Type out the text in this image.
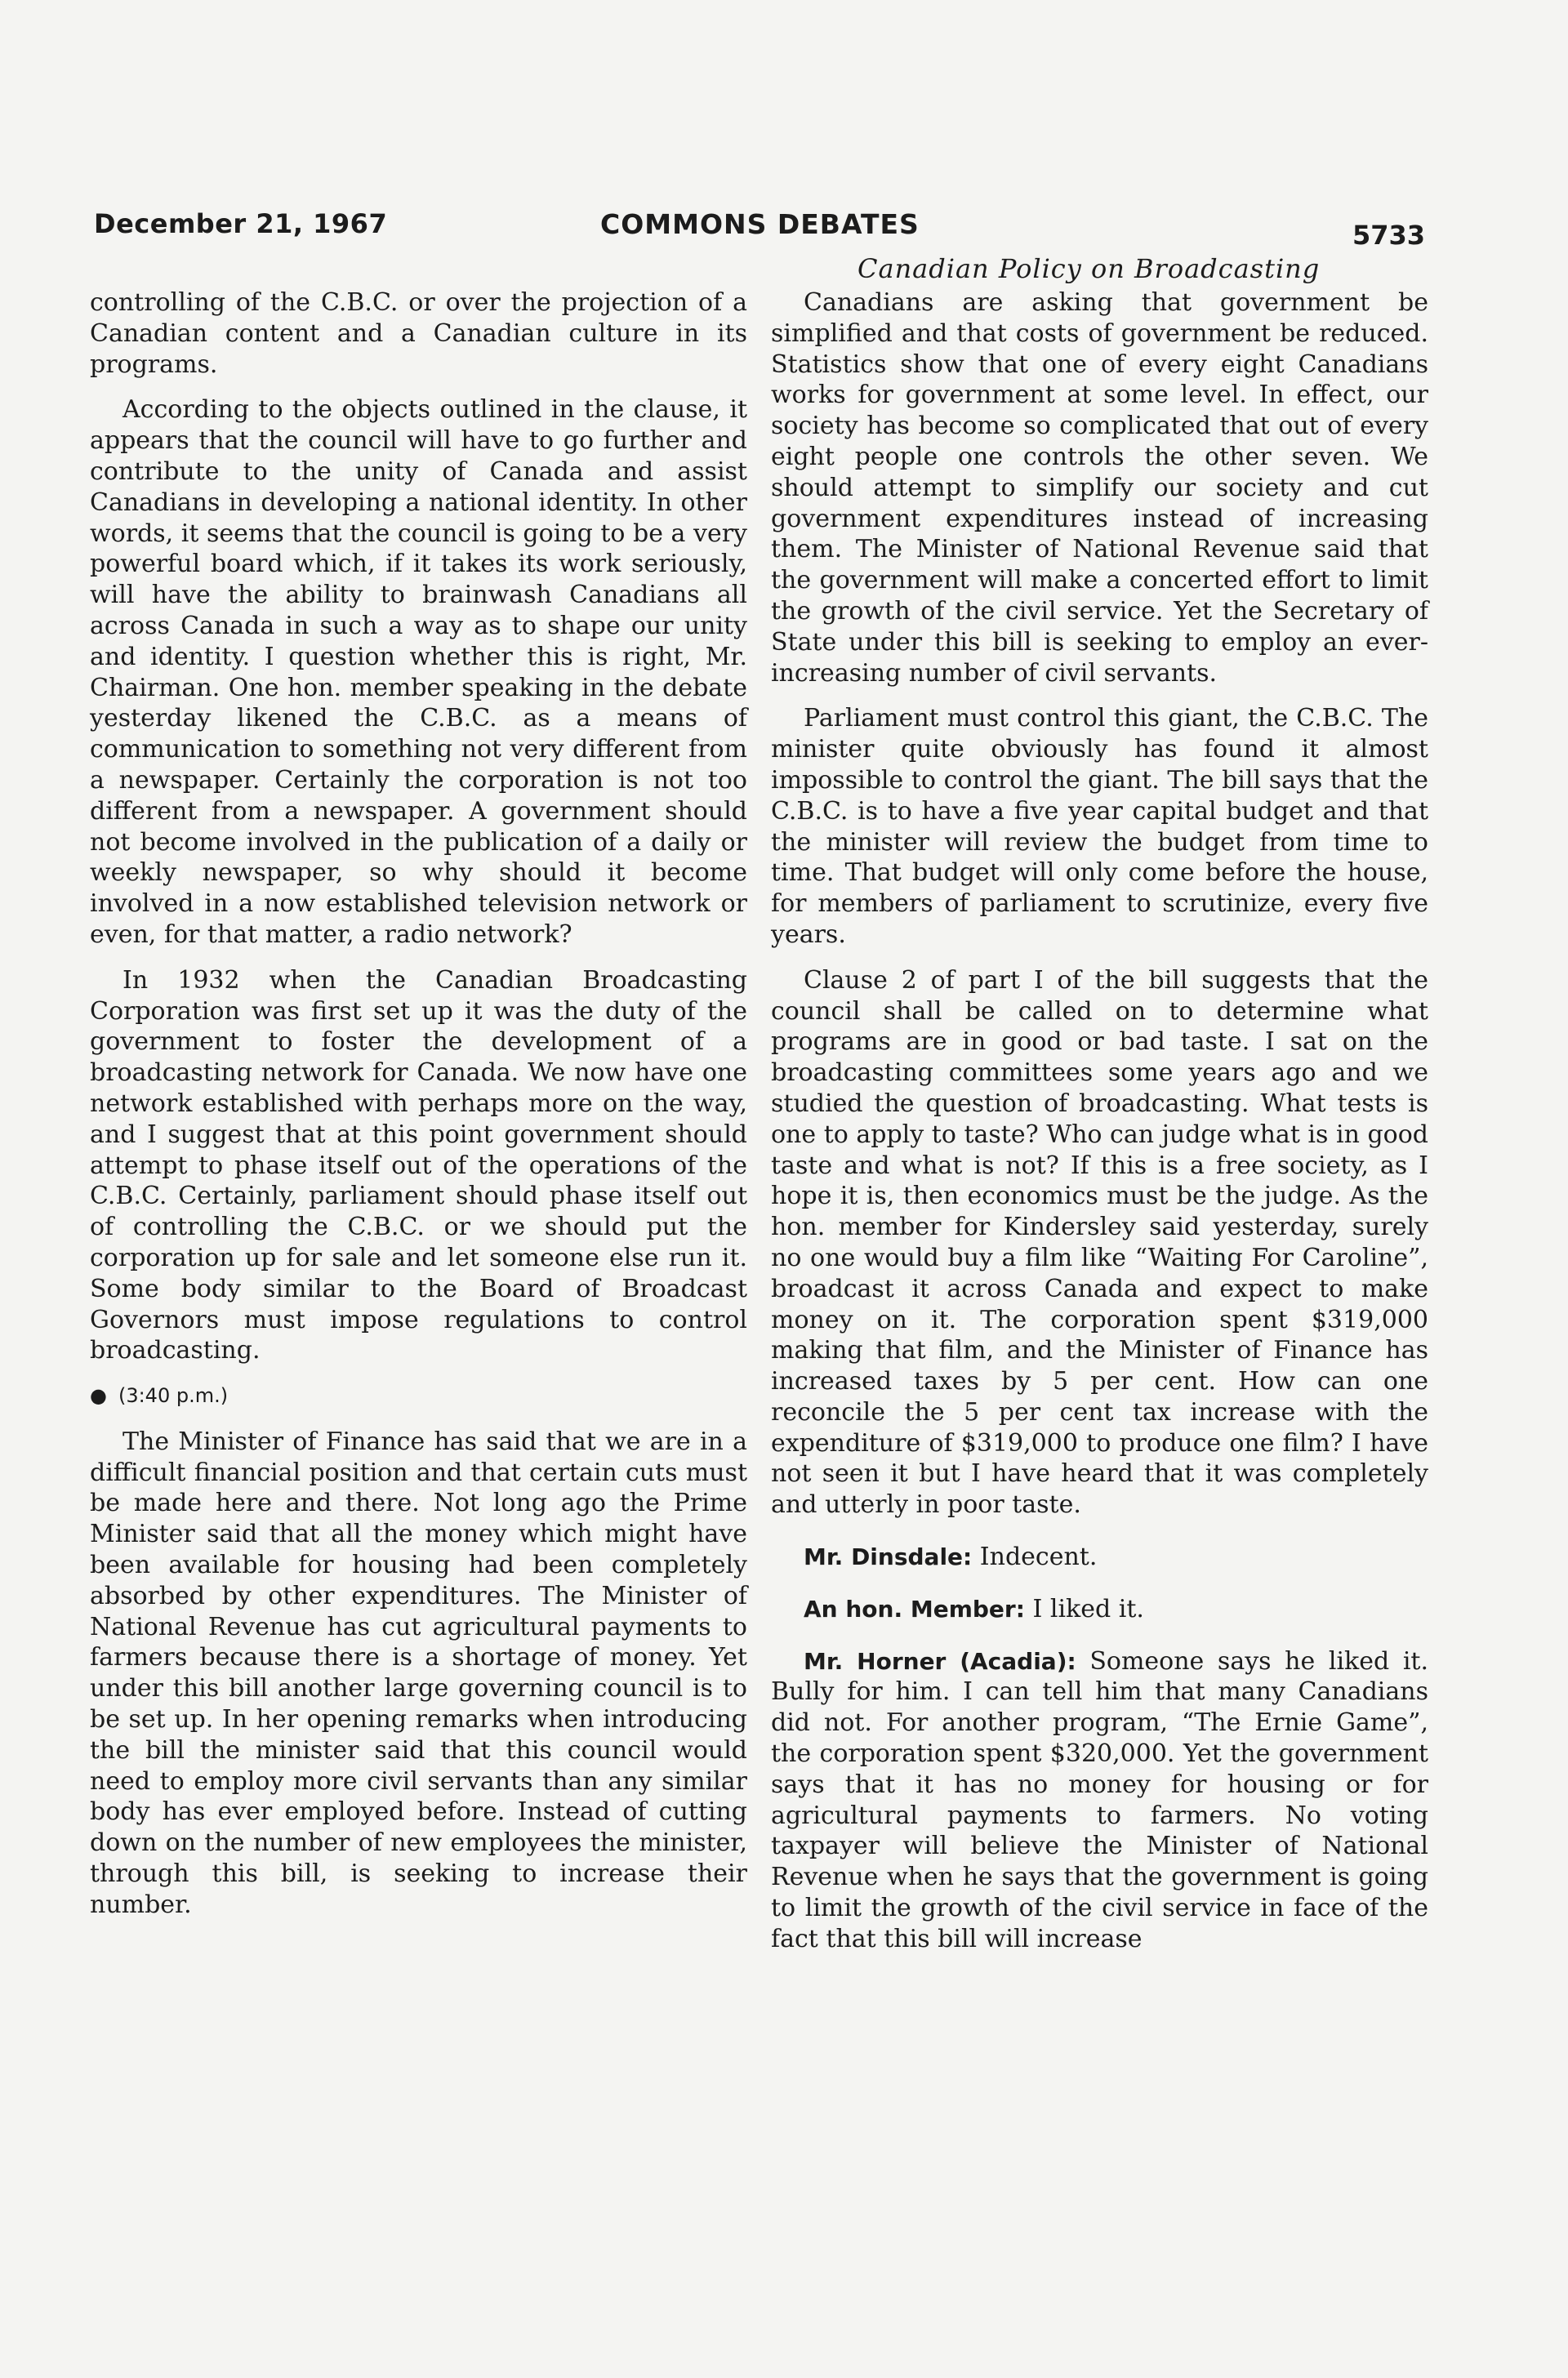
December 21, 1967	COMMONS DEBATES	5733
Canadian Policy on Broadcasting

controlling of the C.B.C. or over the projection of a Canadian content and a Canadian culture in its programs.

According to the objects outlined in the clause, it appears that the council will have to go further and contribute to the unity of Canada and assist Canadians in developing a national identity. In other words, it seems that the council is going to be a very powerful board which, if it takes its work seriously, will have the ability to brainwash Canadians all across Canada in such a way as to shape our unity and identity. I question whether this is right, Mr. Chairman. One hon. member speaking in the debate yesterday likened the C.B.C. as a means of communication to something not very different from a newspaper. Certainly the corporation is not too different from a newspaper. A government should not become involved in the publication of a daily or weekly newspaper, so why should it become involved in a now established television network or even, for that matter, a radio network?

In 1932 when the Canadian Broadcasting Corporation was first set up it was the duty of the government to foster the development of a broadcasting network for Canada. We now have one network established with perhaps more on the way, and I suggest that at this point government should attempt to phase itself out of the operations of the C.B.C. Certainly, parliament should phase itself out of controlling the C.B.C. or we should put the corporation up for sale and let someone else run it. Some body similar to the Board of Broadcast Governors must impose regulations to control broadcasting.

● (3:40 p.m.)

The Minister of Finance has said that we are in a difficult financial position and that certain cuts must be made here and there. Not long ago the Prime Minister said that all the money which might have been available for housing had been completely absorbed by other expenditures. The Minister of National Revenue has cut agricultural payments to farmers because there is a shortage of money. Yet under this bill another large governing council is to be set up. In her opening remarks when introducing the bill the minister said that this council would need to employ more civil servants than any similar body has ever employed before. Instead of cutting down on the number of new employees the minister, through this bill, is seeking to increase their number.

Canadians are asking that government be simplified and that costs of government be reduced. Statistics show that one of every eight Canadians works for government at some level. In effect, our society has become so complicated that out of every eight people one controls the other seven. We should attempt to simplify our society and cut government expenditures instead of increasing them. The Minister of National Revenue said that the government will make a concerted effort to limit the growth of the civil service. Yet the Secretary of State under this bill is seeking to employ an ever-increasing number of civil servants.

Parliament must control this giant, the C.B.C. The minister quite obviously has found it almost impossible to control the giant. The bill says that the C.B.C. is to have a five year capital budget and that the minister will review the budget from time to time. That budget will only come before the house, for members of parliament to scrutinize, every five years.

Clause 2 of part I of the bill suggests that the council shall be called on to determine what programs are in good or bad taste. I sat on the broadcasting committees some years ago and we studied the question of broadcasting. What tests is one to apply to taste? Who can judge what is in good taste and what is not? If this is a free society, as I hope it is, then economics must be the judge. As the hon. member for Kindersley said yesterday, surely no one would buy a film like “Waiting For Caroline”, broadcast it across Canada and expect to make money on it. The corporation spent $319,000 making that film, and the Minister of Finance has increased taxes by 5 per cent. How can one reconcile the 5 per cent tax increase with the expenditure of $319,000 to produce one film? I have not seen it but I have heard that it was completely and utterly in poor taste.

Mr. Dinsdale: Indecent.

An hon. Member: I liked it.

Mr. Horner (Acadia): Someone says he liked it. Bully for him. I can tell him that many Canadians did not. For another program, “The Ernie Game”, the corporation spent $320,000. Yet the government says that it has no money for housing or for agricultural payments to farmers. No voting taxpayer will believe the Minister of National Revenue when he says that the government is going to limit the growth of the civil service in face of the fact that this bill will increase
